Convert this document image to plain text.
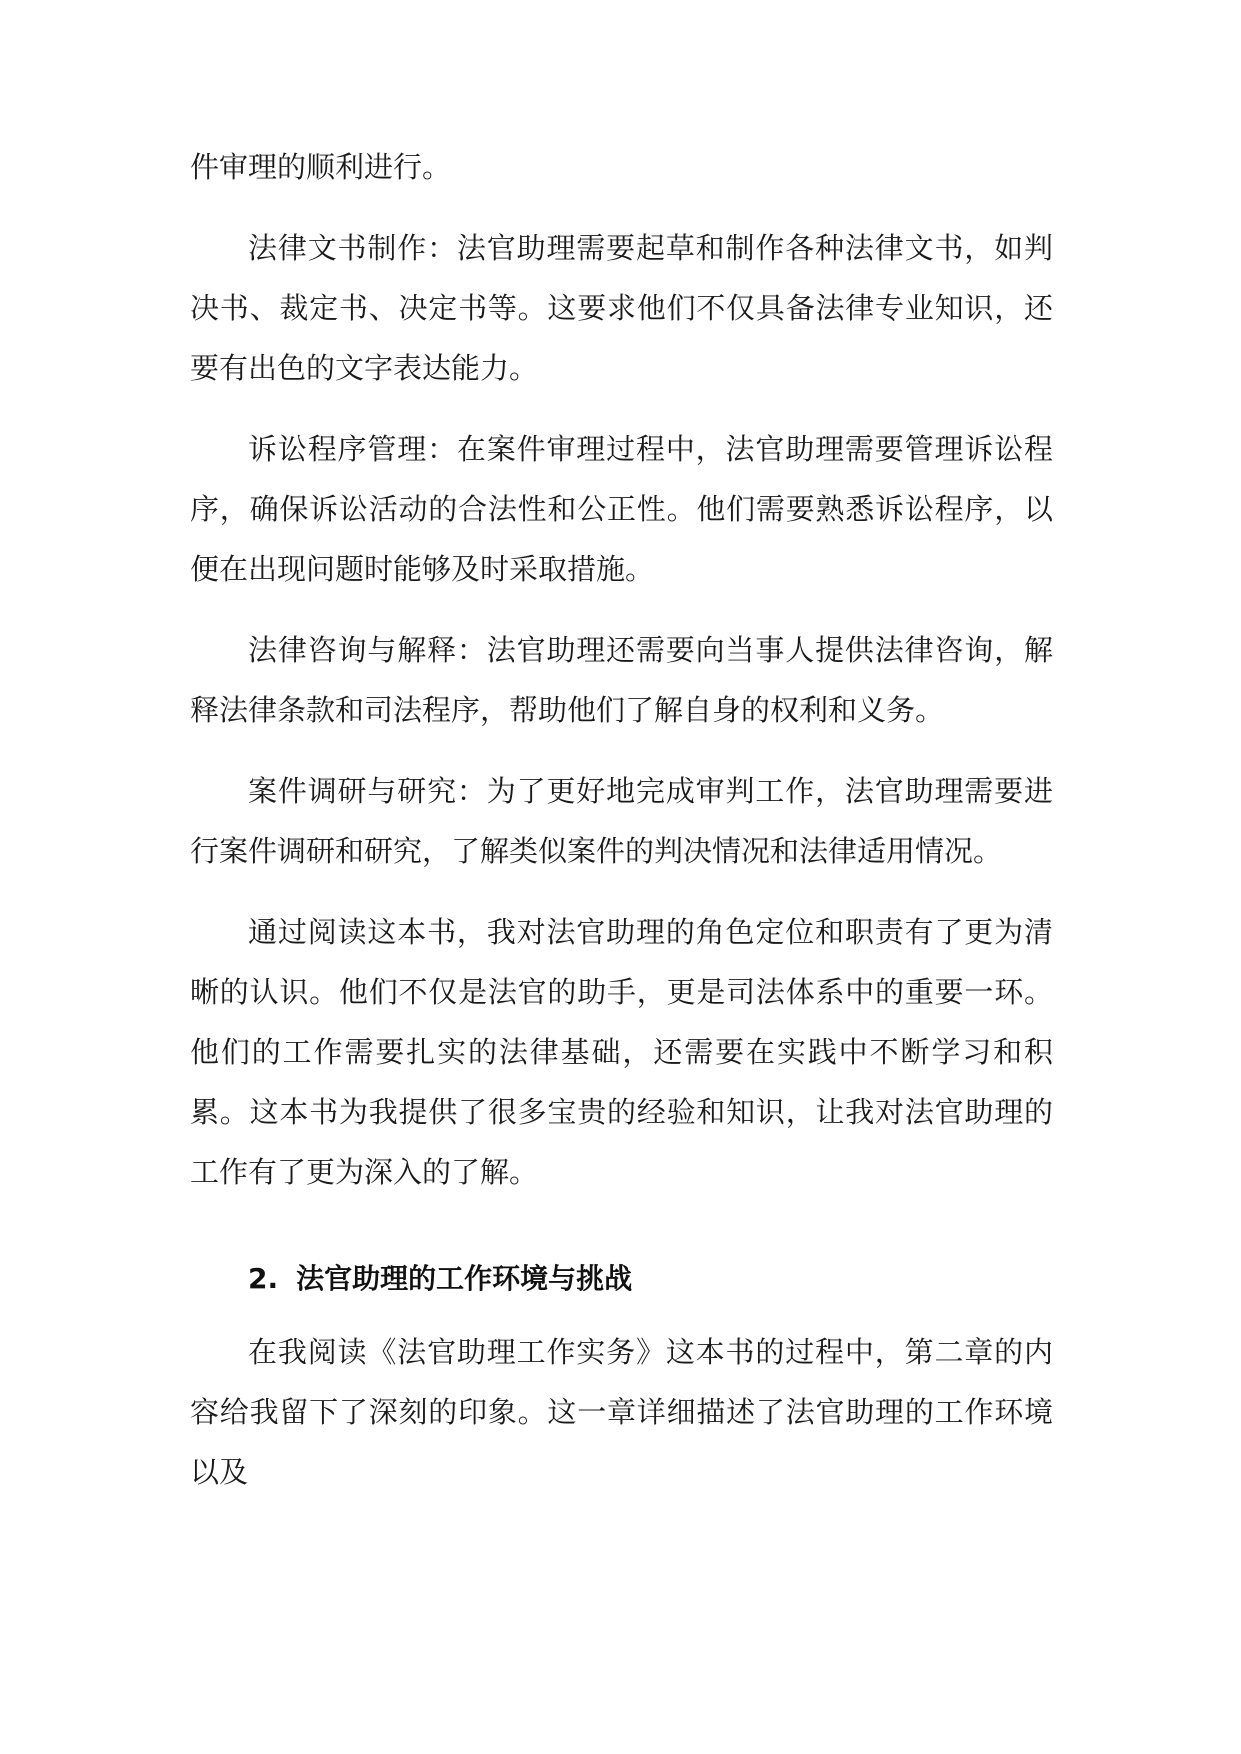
件审理的顺利进行。

法律文书制作：法官助理需要起草和制作各种法律文书，如判决书、裁定书、决定书等。这要求他们不仅具备法律专业知识，还要有出色的文字表达能力。

诉讼程序管理：在案件审理过程中，法官助理需要管理诉讼程序，确保诉讼活动的合法性和公正性。他们需要熟悉诉讼程序，以便在出现问题时能够及时采取措施。

法律咨询与解释：法官助理还需要向当事人提供法律咨询，解释法律条款和司法程序，帮助他们了解自身的权利和义务。

案件调研与研究：为了更好地完成审判工作，法官助理需要进行案件调研和研究，了解类似案件的判决情况和法律适用情况。

通过阅读这本书，我对法官助理的角色定位和职责有了更为清晰的认识。他们不仅是法官的助手，更是司法体系中的重要一环。他们的工作需要扎实的法律基础，还需要在实践中不断学习和积累。这本书为我提供了很多宝贵的经验和知识，让我对法官助理的工作有了更为深入的了解。

2. 法官助理的工作环境与挑战

在我阅读《法官助理工作实务》这本书的过程中，第二章的内容给我留下了深刻的印象。这一章详细描述了法官助理的工作环境以及
